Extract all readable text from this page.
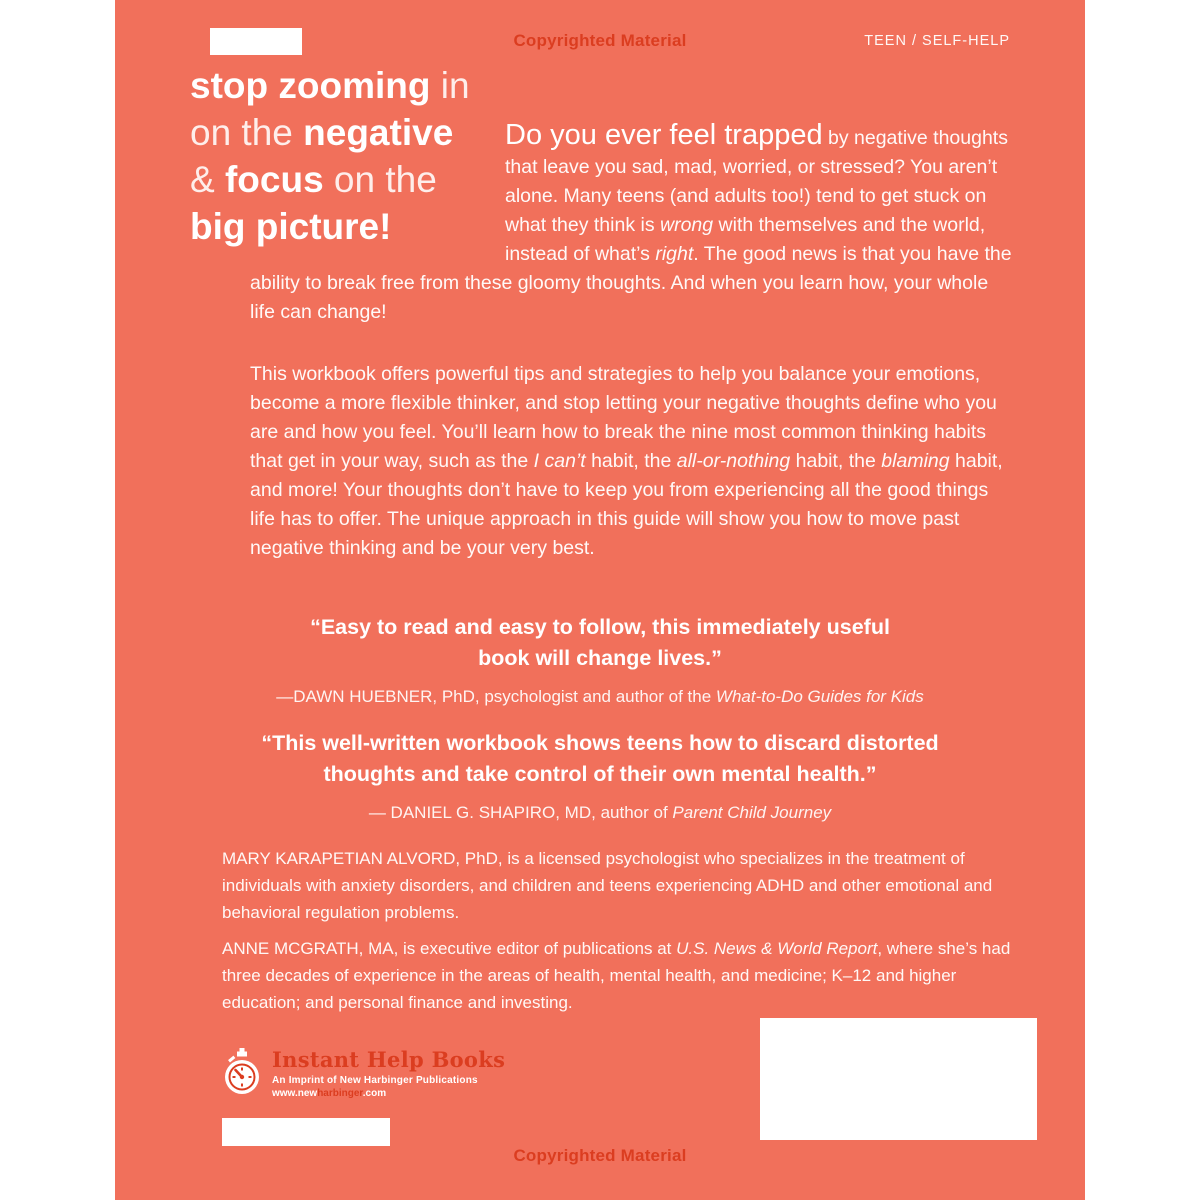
Copyrighted Material	TEEN / SELF-HELP
stop zooming in
on the negative
& focus on the
big picture!
Do you ever feel trapped by negative thoughts that leave you sad, mad, worried, or stressed? You aren’t alone. Many teens (and adults too!) tend to get stuck on what they think is wrong with themselves and the world, instead of what’s right. The good news is that you have the ability to break free from these gloomy thoughts. And when you learn how, your whole life can change!
This workbook offers powerful tips and strategies to help you balance your emotions, become a more flexible thinker, and stop letting your negative thoughts define who you are and how you feel. You’ll learn how to break the nine most common thinking habits that get in your way, such as the I can’t habit, the all-or-nothing habit, the blaming habit, and more! Your thoughts don’t have to keep you from experiencing all the good things life has to offer. The unique approach in this guide will show you how to move past negative thinking and be your very best.
“Easy to read and easy to follow, this immediately useful book will change lives.”
—DAWN HUEBNER, PhD, psychologist and author of the What-to-Do Guides for Kids
“This well-written workbook shows teens how to discard distorted thoughts and take control of their own mental health.”
— DANIEL G. SHAPIRO, MD, author of Parent Child Journey
MARY KARAPETIAN ALVORD, PhD, is a licensed psychologist who specializes in the treatment of individuals with anxiety disorders, and children and teens experiencing ADHD and other emotional and behavioral regulation problems.
ANNE MCGRATH, MA, is executive editor of publications at U.S. News & World Report, where she’s had three decades of experience in the areas of health, mental health, and medicine; K–12 and higher education; and personal finance and investing.
Instant Help Books
An Imprint of New Harbinger Publications
www.newharbinger.com
Copyrighted Material
